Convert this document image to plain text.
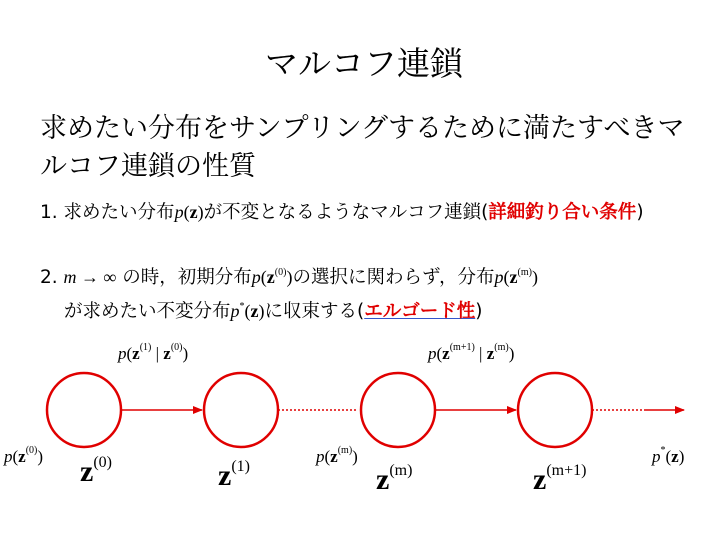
マルコフ連鎖
求めたい分布をサンプリングするために満たすべきマルコフ連鎖の性質
1. 求めたい分布p(z)が不変となるようなマルコフ連鎖(詳細釣り合い条件)
2. m → ∞ の時，初期分布$p(z^{(0)})$の選択に関わらず，分布$p(z^{(m)})$
が求めたい不変分布p*(z)に収束する(エルゴード性)
$p(z^{(1)}$ | $z^{(0)}$)	$p(z^{(m+1)}$ | $z^{(m)}$)
$p(z^{(0)})$	$p(z^{(m)})$	p*(z)
z(0)	z(1)	z(m)	z(m+1)
